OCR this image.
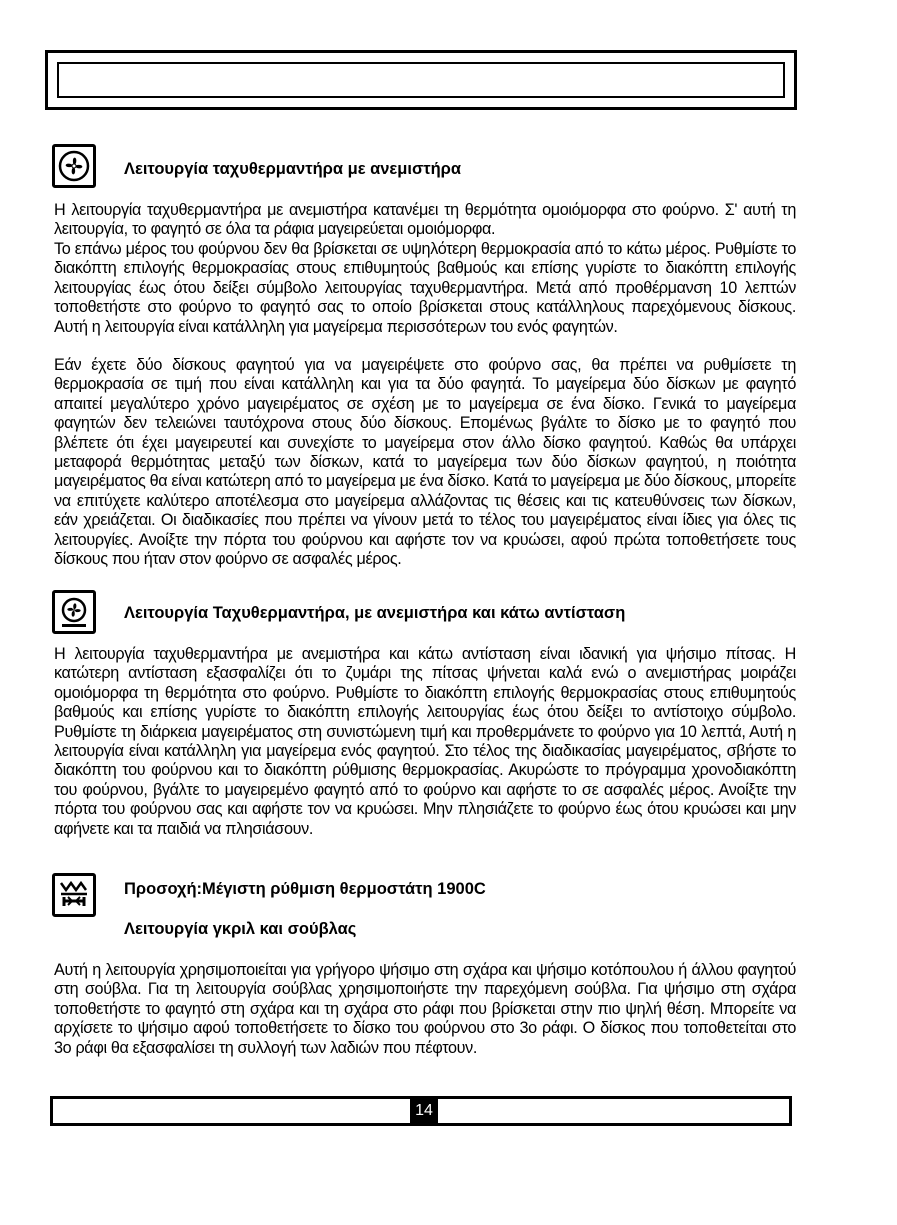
Λειτουργία ταχυθερμαντήρα με ανεμιστήρα

Η λειτουργία ταχυθερμαντήρα με ανεμιστήρα κατανέμει τη θερμότητα ομοιόμορφα στο φούρνο. Σ' αυτή τη λειτουργία, το φαγητό σε όλα τα ράφια μαγειρεύεται ομοιόμορφα.

Το επάνω μέρος του φούρνου δεν θα βρίσκεται σε υψηλότερη θερμοκρασία από το κάτω μέρος. Ρυθμίστε το διακόπτη επιλογής θερμοκρασίας στους επιθυμητούς βαθμούς και επίσης γυρίστε το διακόπτη επιλογής λειτουργίας έως ότου δείξει σύμβολο λειτουργίας ταχυθερμαντήρα. Μετά από προθέρμανση 10 λεπτών τοποθετήστε στο φούρνο το φαγητό σας το οποίο βρίσκεται στους κατάλληλους παρεχόμενους δίσκους. Αυτή η λειτουργία είναι κατάλληλη για μαγείρεμα περισσότερων του ενός φαγητών.

Εάν έχετε δύο δίσκους φαγητού για να μαγειρέψετε στο φούρνο σας, θα πρέπει να ρυθμίσετε τη θερμοκρασία σε τιμή που είναι κατάλληλη και για τα δύο φαγητά. Το μαγείρεμα δύο δίσκων με φαγητό απαιτεί μεγαλύτερο χρόνο μαγειρέματος σε σχέση με το μαγείρεμα σε ένα δίσκο. Γενικά το μαγείρεμα φαγητών δεν τελειώνει ταυτόχρονα στους δύο δίσκους. Επομένως βγάλτε το δίσκο με το φαγητό που βλέπετε ότι έχει μαγειρευτεί και συνεχίστε το μαγείρεμα στον άλλο δίσκο φαγητού. Καθώς θα υπάρχει μεταφορά θερμότητας μεταξύ των δίσκων, κατά το μαγείρεμα των δύο δίσκων φαγητού, η ποιότητα μαγειρέματος θα είναι κατώτερη από το μαγείρεμα με ένα δίσκο. Κατά το μαγείρεμα με δύο δίσκους, μπορείτε να επιτύχετε καλύτερο αποτέλεσμα στο μαγείρεμα αλλάζοντας τις θέσεις και τις κατευθύνσεις των δίσκων, εάν χρειάζεται. Οι διαδικασίες που πρέπει να γίνουν μετά το τέλος του μαγειρέματος είναι ίδιες για όλες τις λειτουργίες. Ανοίξτε την πόρτα του φούρνου και αφήστε τον να κρυώσει, αφού πρώτα τοποθετήσετε τους δίσκους που ήταν στον φούρνο σε ασφαλές μέρος.

Λειτουργία Ταχυθερμαντήρα, με ανεμιστήρα και κάτω αντίσταση

Η λειτουργία ταχυθερμαντήρα με ανεμιστήρα και κάτω αντίσταση είναι ιδανική για ψήσιμο πίτσας. Η κατώτερη αντίσταση εξασφαλίζει ότι το ζυμάρι της πίτσας ψήνεται καλά ενώ ο ανεμιστήρας μοιράζει ομοιόμορφα τη θερμότητα στο φούρνο. Ρυθμίστε το διακόπτη επιλογής θερμοκρασίας στους επιθυμητούς βαθμούς και επίσης γυρίστε το διακόπτη επιλογής λειτουργίας έως ότου δείξει το αντίστοιχο σύμβολο. Ρυθμίστε τη διάρκεια μαγειρέματος στη συνιστώμενη τιμή και προθερμάνετε το φούρνο για 10 λεπτά, Αυτή η λειτουργία είναι κατάλληλη για μαγείρεμα ενός φαγητού. Στο τέλος της διαδικασίας μαγειρέματος, σβήστε το διακόπτη του φούρνου και το διακόπτη ρύθμισης θερμοκρασίας. Ακυρώστε το πρόγραμμα χρονοδιακόπτη του φούρνου, βγάλτε το μαγειρεμένο φαγητό από το φούρνο και αφήστε το σε ασφαλές μέρος. Ανοίξτε την πόρτα του φούρνου σας και αφήστε τον να κρυώσει. Μην πλησιάζετε το φούρνο έως ότου κρυώσει και μην αφήνετε και τα παιδιά να πλησιάσουν.

Προσοχή:Μέγιστη ρύθμιση θερμοστάτη 1900C
Λειτουργία γκριλ και σούβλας

Αυτή η λειτουργία χρησιμοποιείται για γρήγορο ψήσιμο στη σχάρα και ψήσιμο κοτόπουλου ή άλλου φαγητού στη σούβλα. Για τη λειτουργία σούβλας χρησιμοποιήστε την παρεχόμενη σούβλα. Για ψήσιμο στη σχάρα τοποθετήστε το φαγητό στη σχάρα και τη σχάρα στο ράφι που βρίσκεται στην πιο ψηλή θέση. Μπορείτε να αρχίσετε το ψήσιμο αφού τοποθετήσετε το δίσκο του φούρνου στο 3ο ράφι. Ο δίσκος που τοποθετείται στο 3ο ράφι θα εξασφαλίσει τη συλλογή των λαδιών που πέφτουν.

14
